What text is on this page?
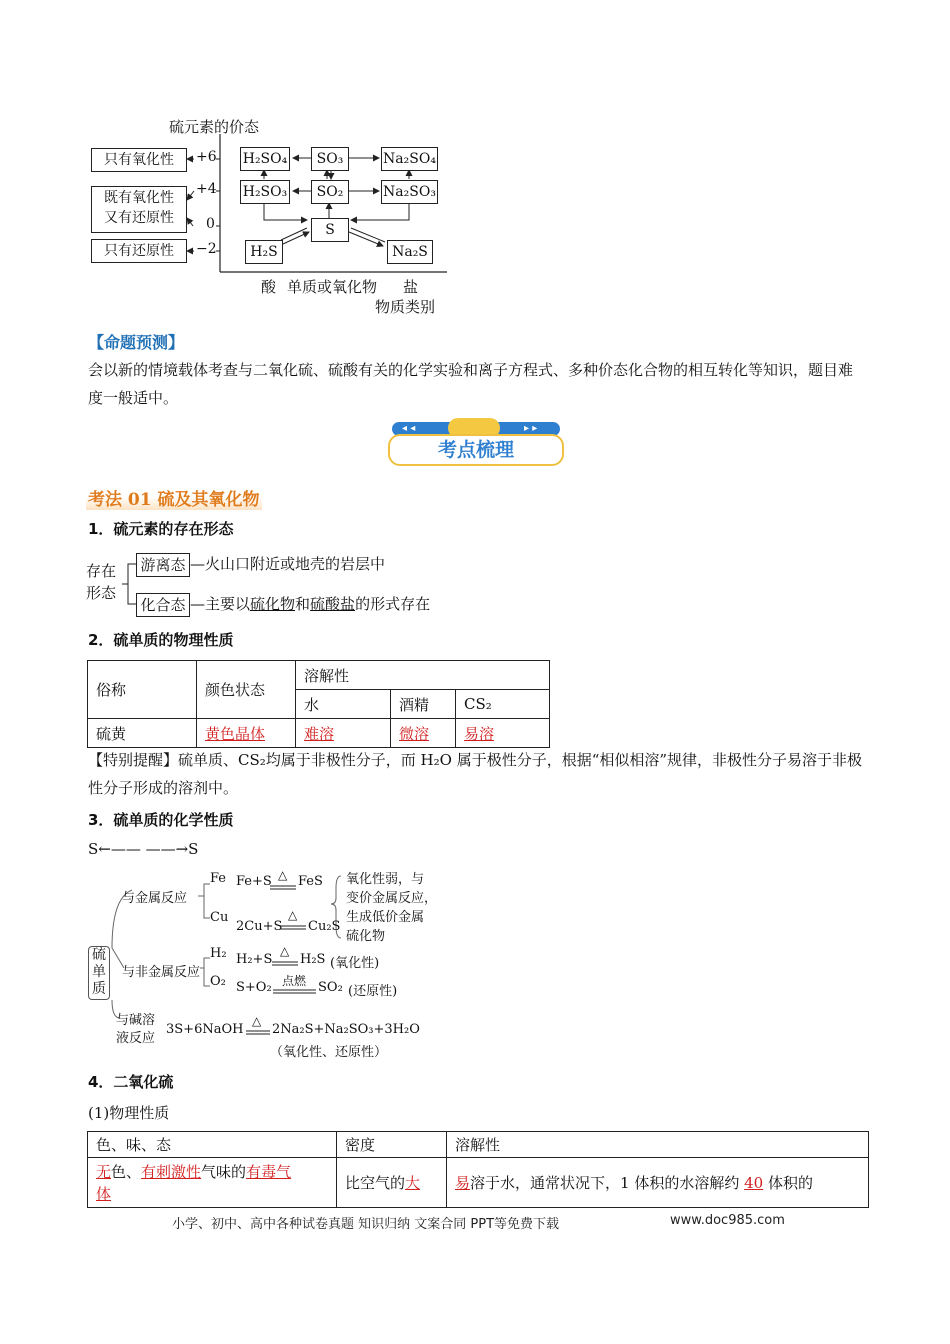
硫元素的价态
只有氧化性
既有氧化性
又有还原性
只有还原性
+6
+4
0
−2
H₂SO₄	SO₃	Na₂SO₄
H₂SO₃	SO₂	Na₂SO₃
S
H₂S	Na₂S
酸 单质或氧化物 盐
物质类别
【命题预测】
会以新的情境载体考查与二氧化硫、硫酸有关的化学实验和离子方程式、多种价态化合物的相互转化等知识，题目难度一般适中。
考点梳理
◂ ◂	▸ ▸
考法 01 硫及其氧化物
1．硫元素的存在形态
存在
形态
游离态 —火山口附近或地壳的岩层中
化合态 —主要以硫化物和硫酸盐的形式存在
2．硫单质的物理性质
俗称	颜色状态	溶解性		
		水	酒精	CS₂
硫黄	黄色晶体	难溶	微溶	易溶
【特别提醒】硫单质、CS₂均属于非极性分子，而 H₂O 属于极性分子，根据“相似相溶”规律，非极性分子易溶于非极性分子形成的溶剂中。
3．硫单质的化学性质
S←—— ——→S
硫
单
质
与金属反应
Fe Fe+S △ FeS
Cu
2Cu+S
△
Cu₂S
氧化性弱，与
变价金属反应，
生成低价金属
硫化物
与非金属反应
H₂ H₂+S
△
H₂S (氧化性)
O₂ S+O₂ 点燃 SO₂ (还原性)
与碱溶
液反应
3S+6NaOH
△
2Na₂S+Na₂SO₃+3H₂O
（氧化性、还原性）
4．二氧化硫
(1)物理性质
色、味、态	密度	溶解性
无色、有刺激性气味的有毒气
体	比空气的大	易溶于水，通常状况下，1 体积的水溶解约 40 体积的
小学、初中、高中各种试卷真题 知识归纳 文案合同 PPT等免费下载	www.doc985.com
